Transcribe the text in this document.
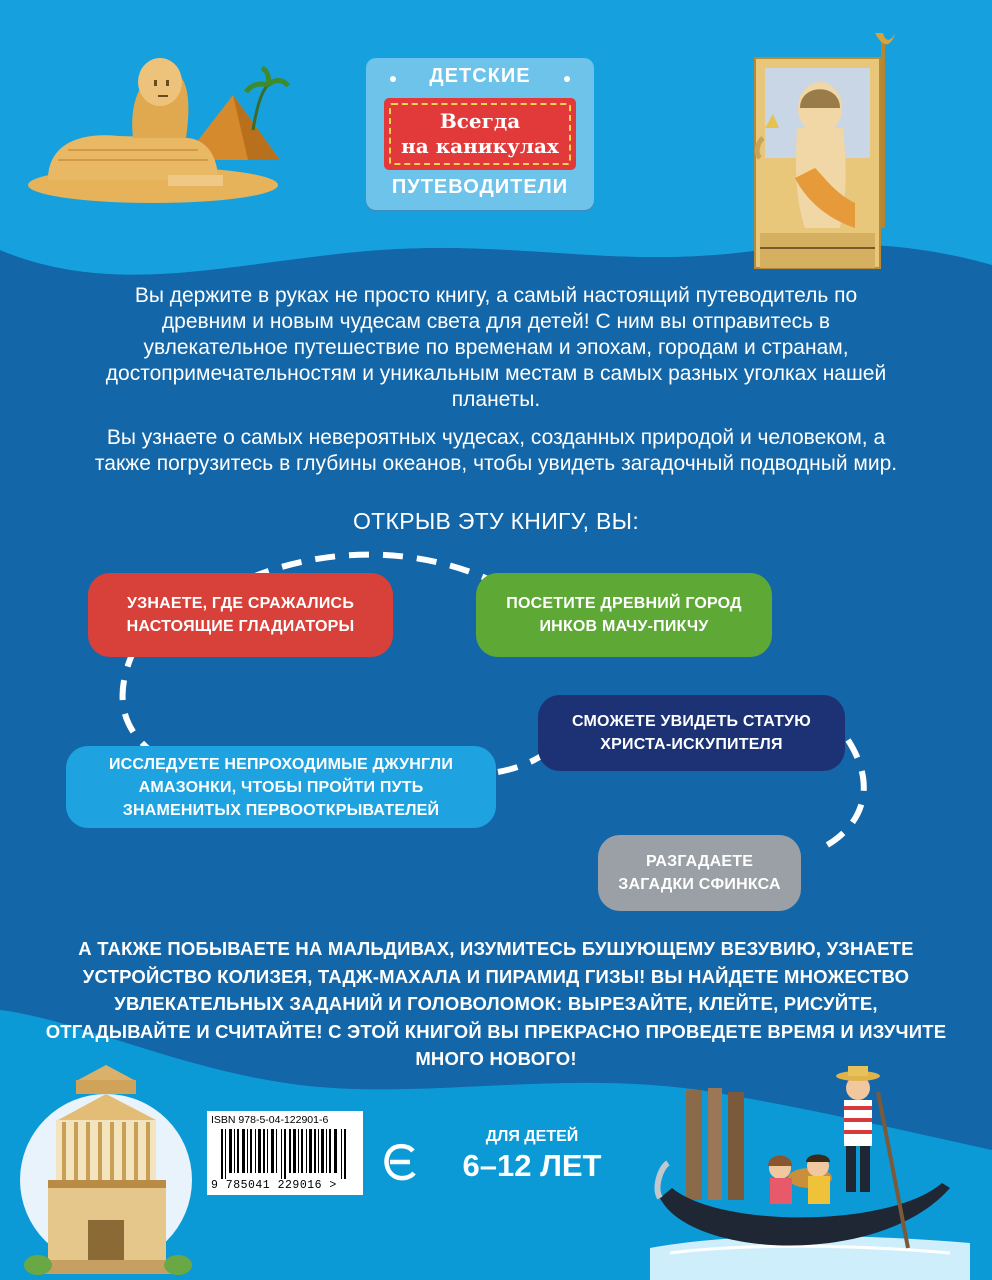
ДЕТСКИЕ
Всегда
на каникулах
ПУТЕВОДИТЕЛИ

Вы держите в руках не просто книгу, а самый настоящий путеводитель по древним и новым чудесам света для детей! С ним вы отправитесь в увлекательное путешествие по временам и эпохам, городам и странам, достопримечательностям и уникальным местам в самых разных уголках нашей планеты.

Вы узнаете о самых невероятных чудесах, созданных природой и человеком, а также погрузитесь в глубины океанов, чтобы увидеть загадочный подводный мир.

ОТКРЫВ ЭТУ КНИГУ, ВЫ:
УЗНАЕТЕ, ГДЕ СРАЖАЛИСЬ НАСТОЯЩИЕ ГЛАДИАТОРЫ
ПОСЕТИТЕ ДРЕВНИЙ ГОРОД ИНКОВ МАЧУ-ПИКЧУ
СМОЖЕТЕ УВИДЕТЬ СТАТУЮ ХРИСТА-ИСКУПИТЕЛЯ
ИССЛЕДУЕТЕ НЕПРОХОДИМЫЕ ДЖУНГЛИ АМАЗОНКИ, ЧТОБЫ ПРОЙТИ ПУТЬ ЗНАМЕНИТЫХ ПЕРВООТКРЫВАТЕЛЕЙ
РАЗГАДАЕТЕ ЗАГАДКИ СФИНКСА
А ТАКЖЕ ПОБЫВАЕТЕ НА МАЛЬДИВАХ, ИЗУМИТЕСЬ БУШУЮЩЕМУ ВЕЗУВИЮ, УЗНАЕТЕ УСТРОЙСТВО КОЛИЗЕЯ, ТАДЖ-МАХАЛА И ПИРАМИД ГИЗЫ! ВЫ НАЙДЕТЕ МНОЖЕСТВО УВЛЕКАТЕЛЬНЫХ ЗАДАНИЙ И ГОЛОВОЛОМОК: ВЫРЕЗАЙТЕ, КЛЕЙТЕ, РИСУЙТЕ, ОТГАДЫВАЙТЕ И СЧИТАЙТЕ! С ЭТОЙ КНИГОЙ ВЫ ПРЕКРАСНО ПРОВЕДЕТЕ ВРЕМЯ И ИЗУЧИТЕ МНОГО НОВОГО!
ISBN 978-5-04-122901-6
9 785041 229016 >
ДЛЯ ДЕТЕЙ
6–12 ЛЕТ
